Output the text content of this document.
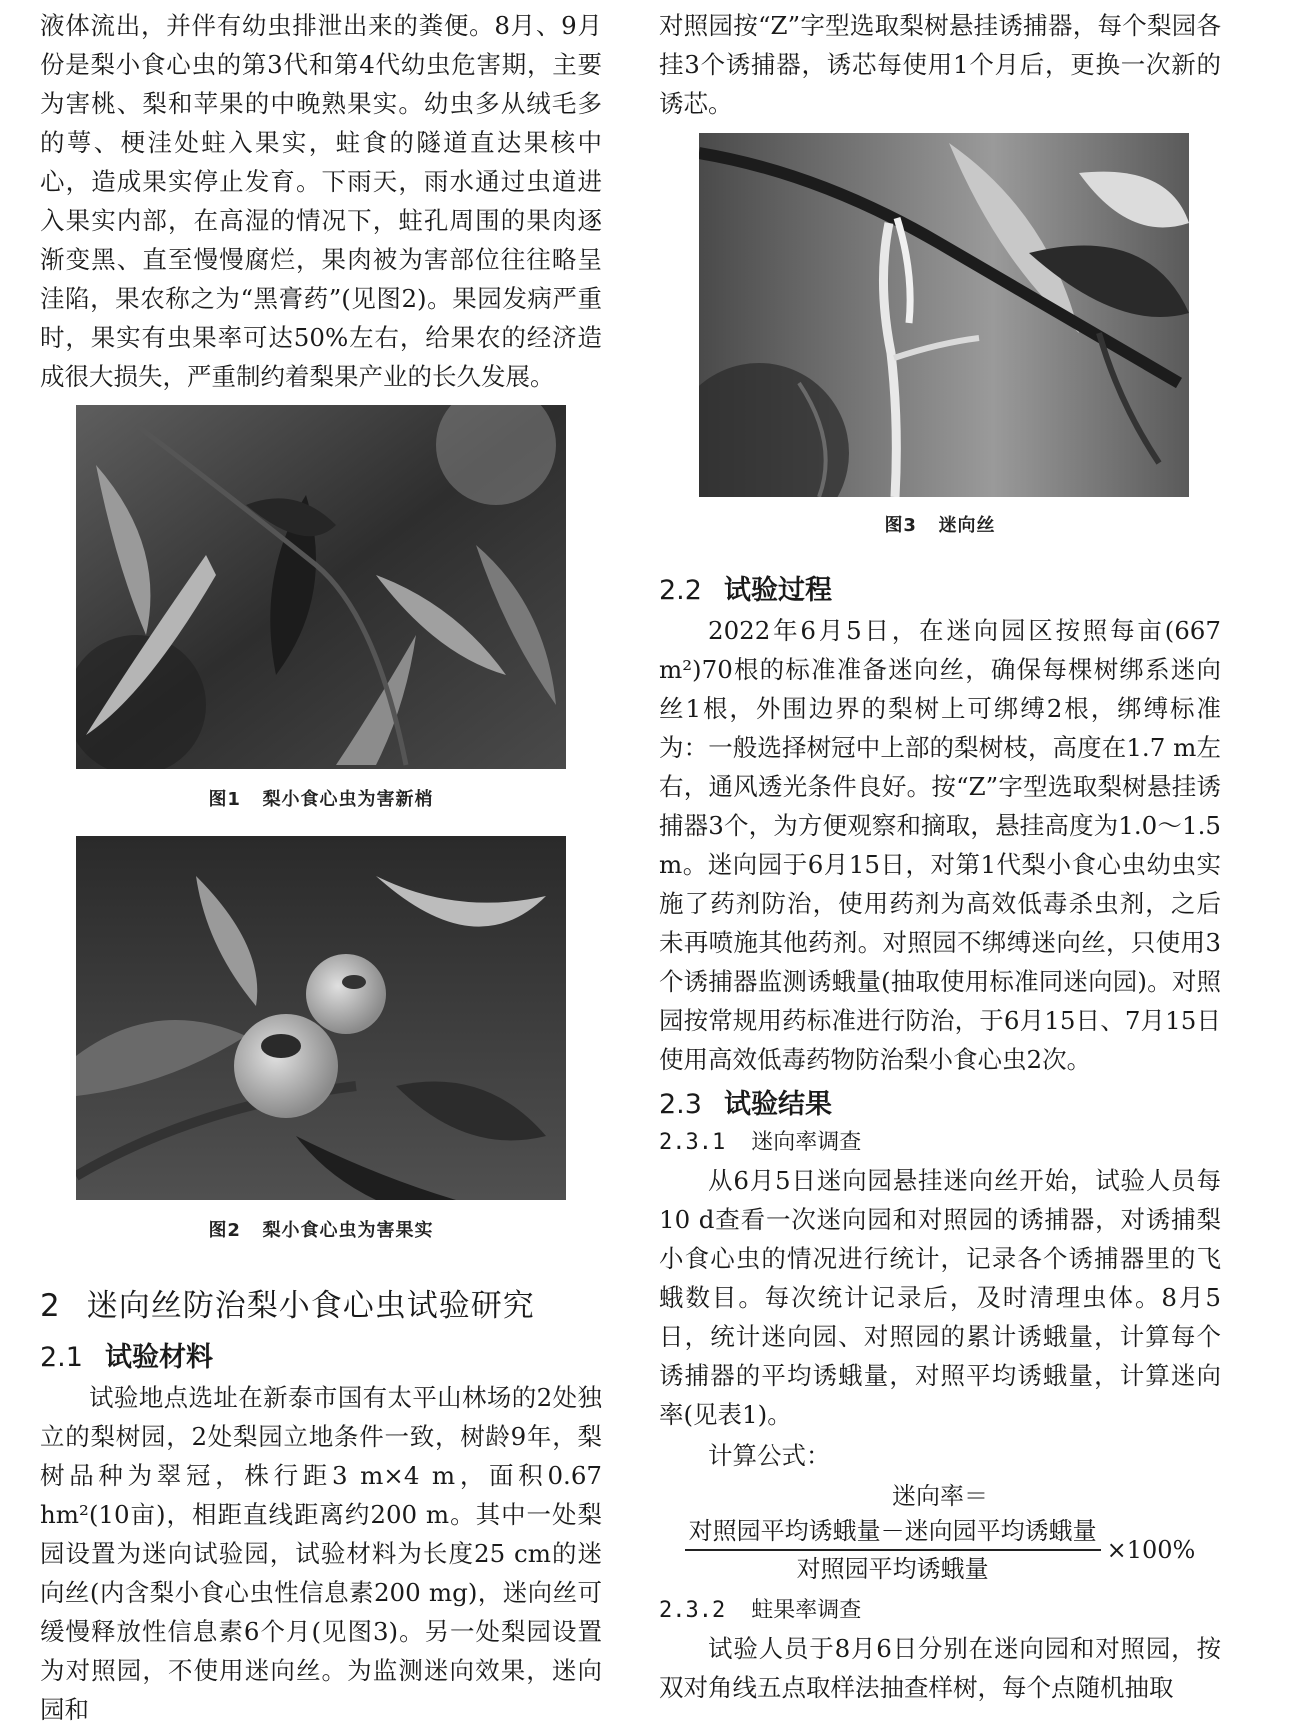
液体流出，并伴有幼虫排泄出来的粪便。8月、9月份是梨小食心虫的第3代和第4代幼虫危害期，主要为害桃、梨和苹果的中晚熟果实。幼虫多从绒毛多的萼、梗洼处蛀入果实，蛀食的隧道直达果核中心，造成果实停止发育。下雨天，雨水通过虫道进入果实内部，在高湿的情况下，蛀孔周围的果肉逐渐变黑、直至慢慢腐烂，果肉被为害部位往往略呈洼陷，果农称之为“黑膏药”(见图2)。果园发病严重时，果实有虫果率可达50%左右，给果农的经济造成很大损失，严重制约着梨果产业的长久发展。

图1 梨小食心虫为害新梢
图2 梨小食心虫为害果实
2 迷向丝防治梨小食心虫试验研究
2.1 试验材料

试验地点选址在新泰市国有太平山林场的2处独立的梨树园，2处梨园立地条件一致，树龄9年，梨树品种为翠冠，株行距3 m×4 m，面积0.67 hm²(10亩)，相距直线距离约200 m。其中一处梨园设置为迷向试验园，试验材料为长度25 cm的迷向丝(内含梨小食心虫性信息素200 mg)，迷向丝可缓慢释放性信息素6个月(见图3)。另一处梨园设置为对照园，不使用迷向丝。为监测迷向效果，迷向园和

对照园按“Z”字型选取梨树悬挂诱捕器，每个梨园各挂3个诱捕器，诱芯每使用1个月后，更换一次新的诱芯。

图3 迷向丝
2.2 试验过程

2022年6月5日，在迷向园区按照每亩(667 m²)70根的标准准备迷向丝，确保每棵树绑系迷向丝1根，外围边界的梨树上可绑缚2根，绑缚标准为：一般选择树冠中上部的梨树枝，高度在1.7 m左右，通风透光条件良好。按“Z”字型选取梨树悬挂诱捕器3个，为方便观察和摘取，悬挂高度为1.0～1.5 m。迷向园于6月15日，对第1代梨小食心虫幼虫实施了药剂防治，使用药剂为高效低毒杀虫剂，之后未再喷施其他药剂。对照园不绑缚迷向丝，只使用3个诱捕器监测诱蛾量(抽取使用标准同迷向园)。对照园按常规用药标准进行防治，于6月15日、7月15日使用高效低毒药物防治梨小食心虫2次。

2.3 试验结果
2.3.1 迷向率调查

从6月5日迷向园悬挂迷向丝开始，试验人员每10 d查看一次迷向园和对照园的诱捕器，对诱捕梨小食心虫的情况进行统计，记录各个诱捕器里的飞蛾数目。每次统计记录后，及时清理虫体。8月5日，统计迷向园、对照园的累计诱蛾量，计算每个诱捕器的平均诱蛾量，对照平均诱蛾量，计算迷向率(见表1)。

计算公式：

迷向率＝
$\frac{\text{对照园平均诱蛾量－迷向园平均诱蛾量}}{\text{对照园平均诱蛾量}} \times 100\%$
2.3.2 蛀果率调查

试验人员于8月6日分别在迷向园和对照园，按双对角线五点取样法抽查样树，每个点随机抽取
